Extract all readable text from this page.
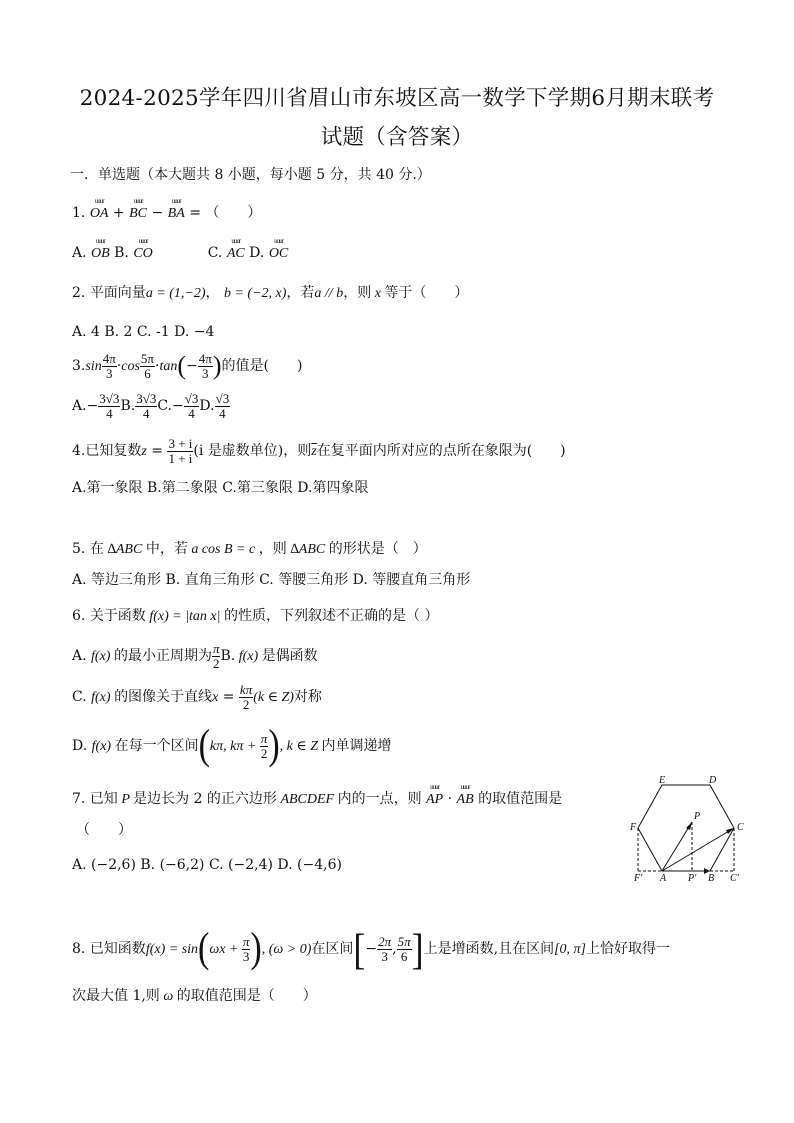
2024-2025学年四川省眉山市东坡区高一数学下学期6月期末联考
试题（含答案）
一．单选题（本大题共 8 小题，每小题 5 分，共 40 分.）
1. uuur OA + uuur BC − uuur BA = （　　）
A. uuur OB B. uuur CO	C. uuur AC D. uuur OC
2. 平面向量a = (1,−2)， b = (−2, x)，若a // b，则 x 等于（　　）
A. 4 B. 2 C. -1 D. −4
$3.\sin \frac{4\pi}{3} \cdot\cos \frac{5\pi}{6} \cdot\tan(- \frac{4\pi}{3}$ )的值是(　　)
$A.- \frac{3√3}{4} B$. $\frac{3√3}{4} C.- \frac{√3}{4} D$. $\frac{√3}{4}$
4.已知复数$z = \frac{3 + i}{1 + i} (i$ 是虚数单位)，则$\overline{z}$在复平面内所对应的点所在象限为(　　)
A.第一象限 B.第二象限 C.第三象限 D.第四象限
5. 在 ∆ABC 中，若 a cos B = c ，则 ∆ABC 的形状是（　）
A. 等边三角形 B. 直角三角形 C. 等腰三角形 D. 等腰直角三角形
6. 关于函数 f(x) = |tan x| 的性质，下列叙述不正确的是（ ）
A. f(x) 的最小正周期为 $\frac{\pi}{2} B$. f(x) 是偶函数
C. f(x) 的图像关于直线$x = \frac{k\pi}{2} (k$ ∈ Z)对称
D. f(x) 在每一个区间(kπ, $k\pi + \frac{\pi}{2}$ ), k ∈ Z 内单调递增
7. 已知 P 是边长为 2 的正六边形 ABCDEF 内的一点，则 uuur AP · uuur AB 的取值范围是
（　　）
A. (−2,6) B. (−6,2) C. (−2,4) D. (−4,6)
E	D
F
P
C
F′ A P′ B C′
8. 已知函数$f(x) = \sin(\omega x + \frac{\pi}{3}$ ), (ω > 0)在区间[− $\frac{2\pi}{3}$ , $\frac{5\pi}{6}$ ]上是增函数,且在区间[0, π]上恰好取得一
次最大值 1,则 ω 的取值范围是（　　）
